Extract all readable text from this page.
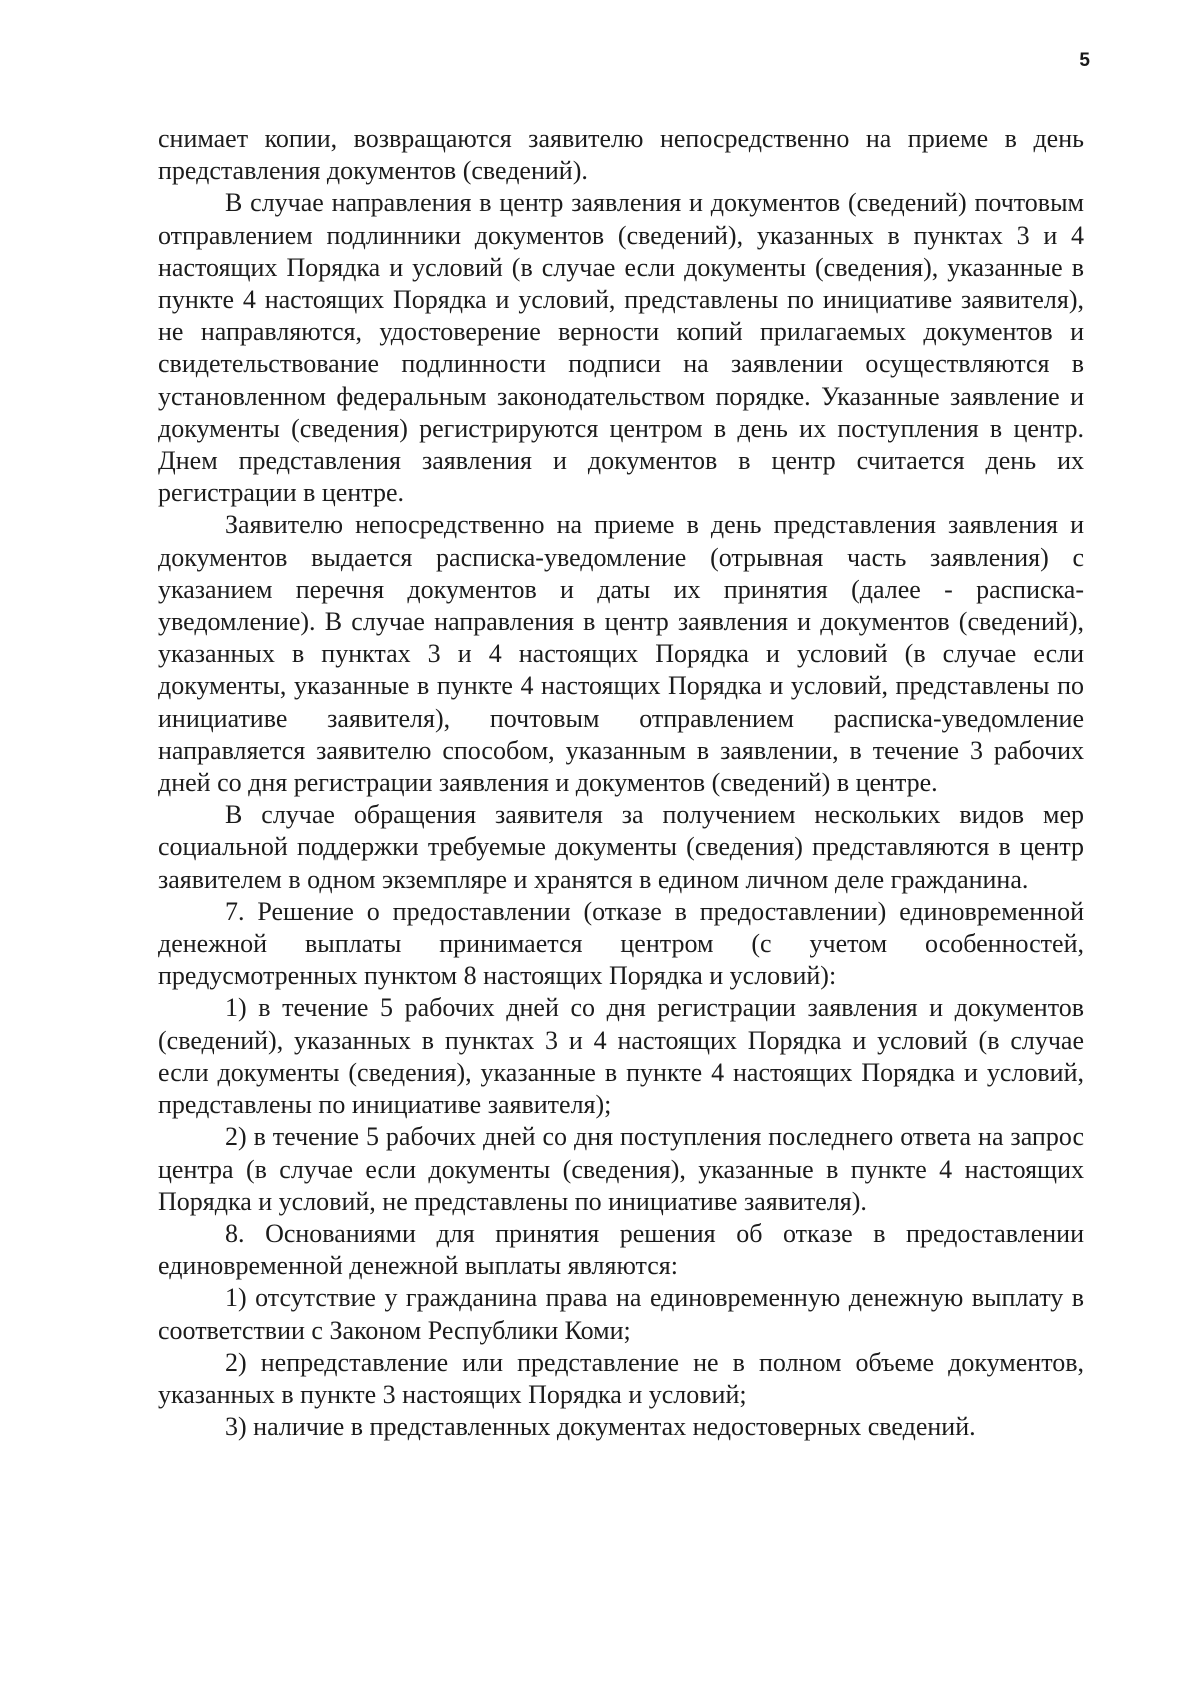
5

снимает копии, возвращаются заявителю непосредственно на приеме в день представления документов (сведений).

В случае направления в центр заявления и документов (сведений) почтовым отправлением подлинники документов (сведений), указанных в пунктах 3 и 4 настоящих Порядка и условий (в случае если документы (сведения), указанные в пункте 4 настоящих Порядка и условий, представлены по инициативе заявителя), не направляются, удостоверение верности копий прилагаемых документов и свидетельствование подлинности подписи на заявлении осуществляются в установленном федеральным законодательством порядке. Указанные заявление и документы (сведения) регистрируются центром в день их поступления в центр. Днем представления заявления и документов в центр считается день их регистрации в центре.

Заявителю непосредственно на приеме в день представления заявления и документов выдается расписка-уведомление (отрывная часть заявления) с указанием перечня документов и даты их принятия (далее - расписка-уведомление). В случае направления в центр заявления и документов (сведений), указанных в пунктах 3 и 4 настоящих Порядка и условий (в случае если документы, указанные в пункте 4 настоящих Порядка и условий, представлены по инициативе заявителя), почтовым отправлением расписка-уведомление направляется заявителю способом, указанным в заявлении, в течение 3 рабочих дней со дня регистрации заявления и документов (сведений) в центре.

В случае обращения заявителя за получением нескольких видов мер социальной поддержки требуемые документы (сведения) представляются в центр заявителем в одном экземпляре и хранятся в едином личном деле гражданина.

7. Решение о предоставлении (отказе в предоставлении) единовременной денежной выплаты принимается центром (с учетом особенностей, предусмотренных пунктом 8 настоящих Порядка и условий):

1) в течение 5 рабочих дней со дня регистрации заявления и документов (сведений), указанных в пунктах 3 и 4 настоящих Порядка и условий (в случае если документы (сведения), указанные в пункте 4 настоящих Порядка и условий, представлены по инициативе заявителя);

2) в течение 5 рабочих дней со дня поступления последнего ответа на запрос центра (в случае если документы (сведения), указанные в пункте 4 настоящих Порядка и условий, не представлены по инициативе заявителя).

8. Основаниями для принятия решения об отказе в предоставлении единовременной денежной выплаты являются:

1) отсутствие у гражданина права на единовременную денежную выплату в соответствии с Законом Республики Коми;

2) непредставление или представление не в полном объеме документов, указанных в пункте 3 настоящих Порядка и условий;

3) наличие в представленных документах недостоверных сведений.
